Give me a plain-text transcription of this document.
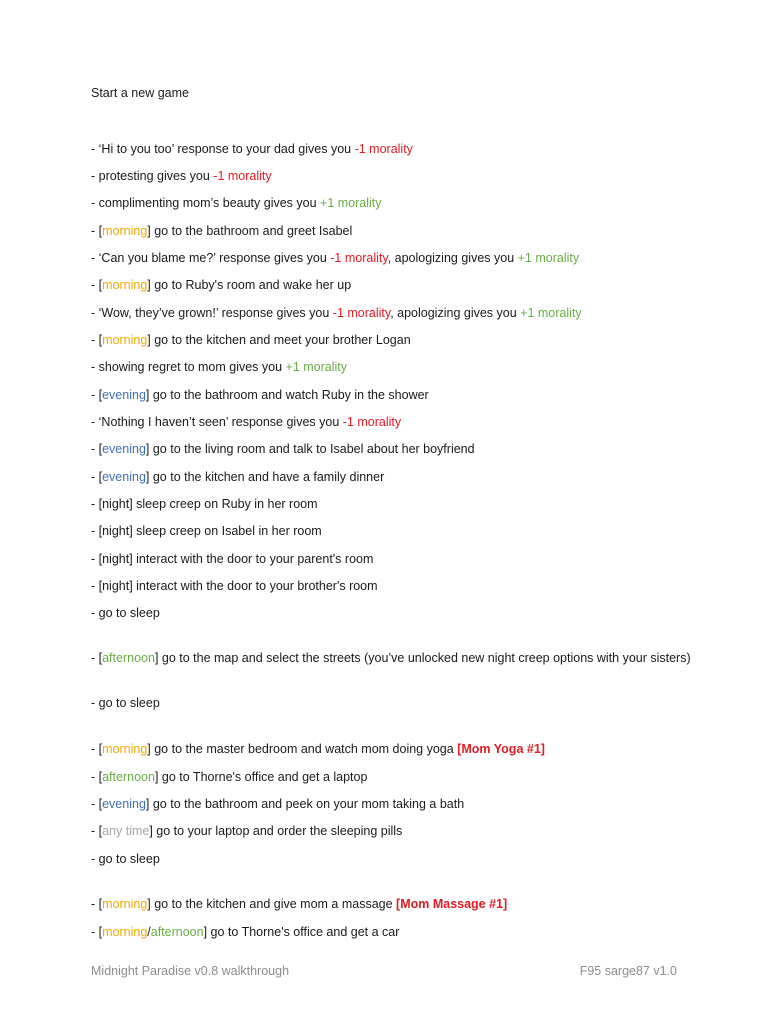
Start a new game
- ‘Hi to you too’ response to your dad gives you -1 morality
- protesting gives you -1 morality
- complimenting mom’s beauty gives you +1 morality
- [morning] go to the bathroom and greet Isabel
- ‘Can you blame me?’ response gives you -1 morality, apologizing gives you +1 morality
- [morning] go to Ruby's room and wake her up
- ‘Wow, they’ve grown!’ response gives you -1 morality, apologizing gives you +1 morality
- [morning] go to the kitchen and meet your brother Logan
- showing regret to mom gives you +1 morality
- [evening] go to the bathroom and watch Ruby in the shower
- ‘Nothing I haven’t seen’ response gives you -1 morality
- [evening] go to the living room and talk to Isabel about her boyfriend
- [evening] go to the kitchen and have a family dinner
- [night] sleep creep on Ruby in her room
- [night] sleep creep on Isabel in her room
- [night] interact with the door to your parent's room
- [night] interact with the door to your brother's room
- go to sleep
- [afternoon] go to the map and select the streets (you’ve unlocked new night creep options with your sisters)
- go to sleep
- [morning] go to the master bedroom and watch mom doing yoga [Mom Yoga #1]
- [afternoon] go to Thorne's office and get a laptop
- [evening] go to the bathroom and peek on your mom taking a bath
- [any time] go to your laptop and order the sleeping pills
- go to sleep
- [morning] go to the kitchen and give mom a massage [Mom Massage #1]
- [morning/afternoon] go to Thorne's office and get a car
Midnight Paradise v0.8 walkthrough	F95 sarge87 v1.0
